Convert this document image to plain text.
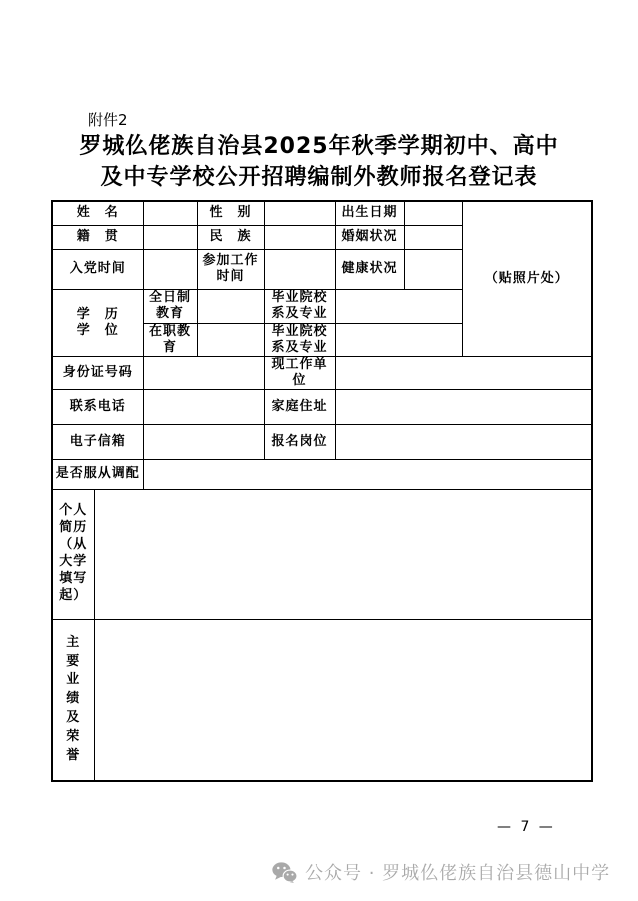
附件2
罗城仫佬族自治县2025年秋季学期初中、高中
及中专学校公开招聘编制外教师报名登记表
姓　名			性　别		出生日期		（贴照片处）
籍　贯			民　族		婚姻状况		
入党时间			参加工作时间		健康状况		

学　历
学　位		全日制教育		毕业院校系及专业			
		在职教育		毕业院校系及专业			
身份证号码				现工作单位			
联系电话				家庭住址			
电子信箱				报名岗位			
是否服从调配							
个人简历（从大学填写起）							
主要业绩及荣誉							
— 7 —
公众号 · 罗城仫佬族自治县德山中学
